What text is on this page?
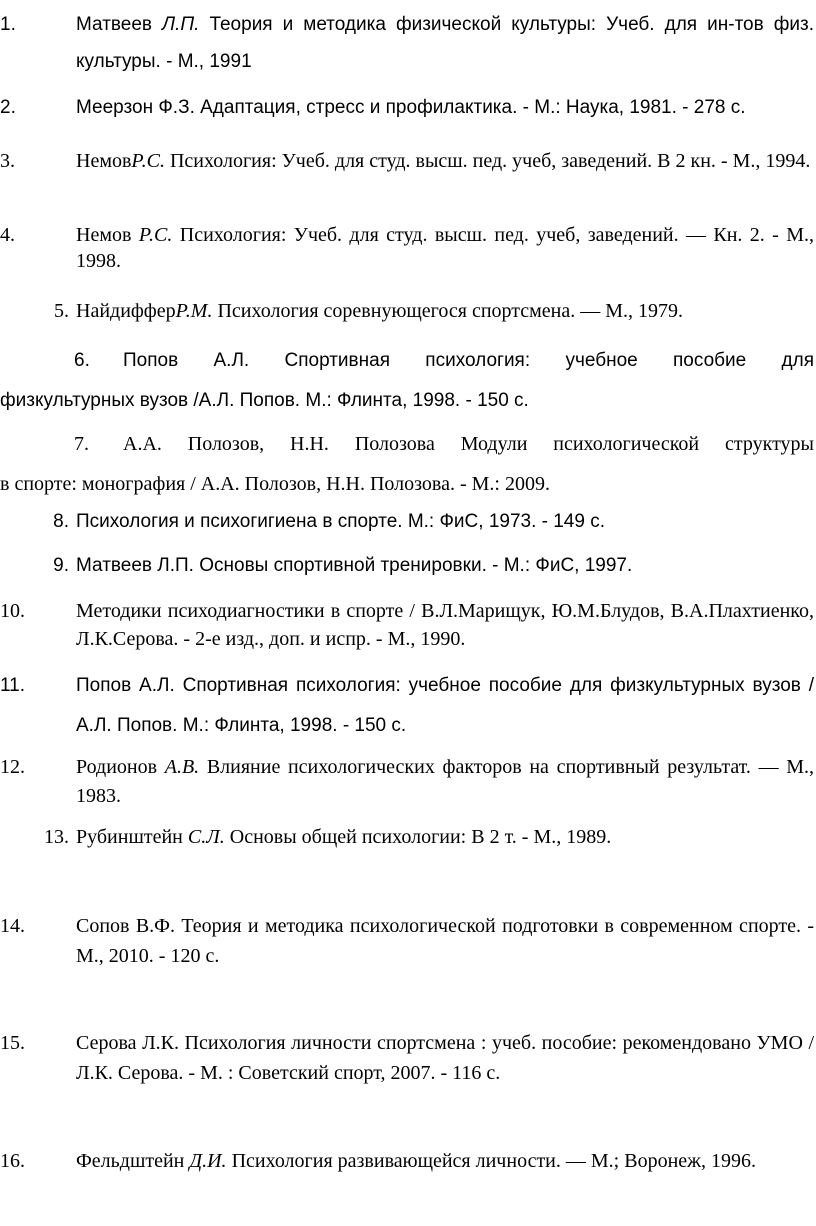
1.	Матвеев Л.П. Теория и методика физической культуры: Учеб. для ин-тов физ. культуры. - М., 1991
2.	Меерзон Ф.З. Адаптация, стресс и профилактика. - М.: Наука, 1981. - 278 с.
3.	НемовР.С. Психология: Учеб. для студ. высш. пед. учеб, заведений. В 2 кн. - М., 1994.
4.	Немов Р.С. Психология: Учеб. для студ. высш. пед. учеб, заведений. — Кн. 2. - М., 1998.
5. НайдифферР.М. Психология соревнующегося спортсмена. — М., 1979.
6. Попов А.Л. Спортивная психология: учебное пособие для
физкультурных вузов /А.Л. Попов. М.: Флинта, 1998. - 150 с.
7. А.А. Полозов, Н.Н. Полозова Модули психологической структуры
в спорте: монография / А.А. Полозов, Н.Н. Полозова. - М.: 2009.
8. Психология и психогигиена в спорте. М.: ФиС, 1973. - 149 с.
9. Матвеев Л.П. Основы спортивной тренировки. - М.: ФиС, 1997.
10.	Методики психодиагностики в спорте / В.Л.Марищук, Ю.М.Блудов, В.А.Плахтиенко, Л.К.Серова. - 2-е изд., доп. и испр. - М., 1990.
11.	Попов А.Л. Спортивная психология: учебное пособие для физкультурных вузов /А.Л. Попов. М.: Флинта, 1998. - 150 с.
12.	Родионов А.В. Влияние психологических факторов на спортивный результат. — М., 1983.
13. Рубинштейн С.Л. Основы общей психологии: В 2 т. - М., 1989.
14.	Сопов В.Ф. Теория и методика психологической подготовки в современном спорте. - М., 2010. - 120 с.
15.	Серова Л.К. Психология личности спортсмена : учеб. пособие: рекомендовано УМО / Л.К. Серова. - М. : Советский спорт, 2007. - 116 с.
16.	Фельдштейн Д.И. Психология развивающейся личности. — М.; Воронеж, 1996.
